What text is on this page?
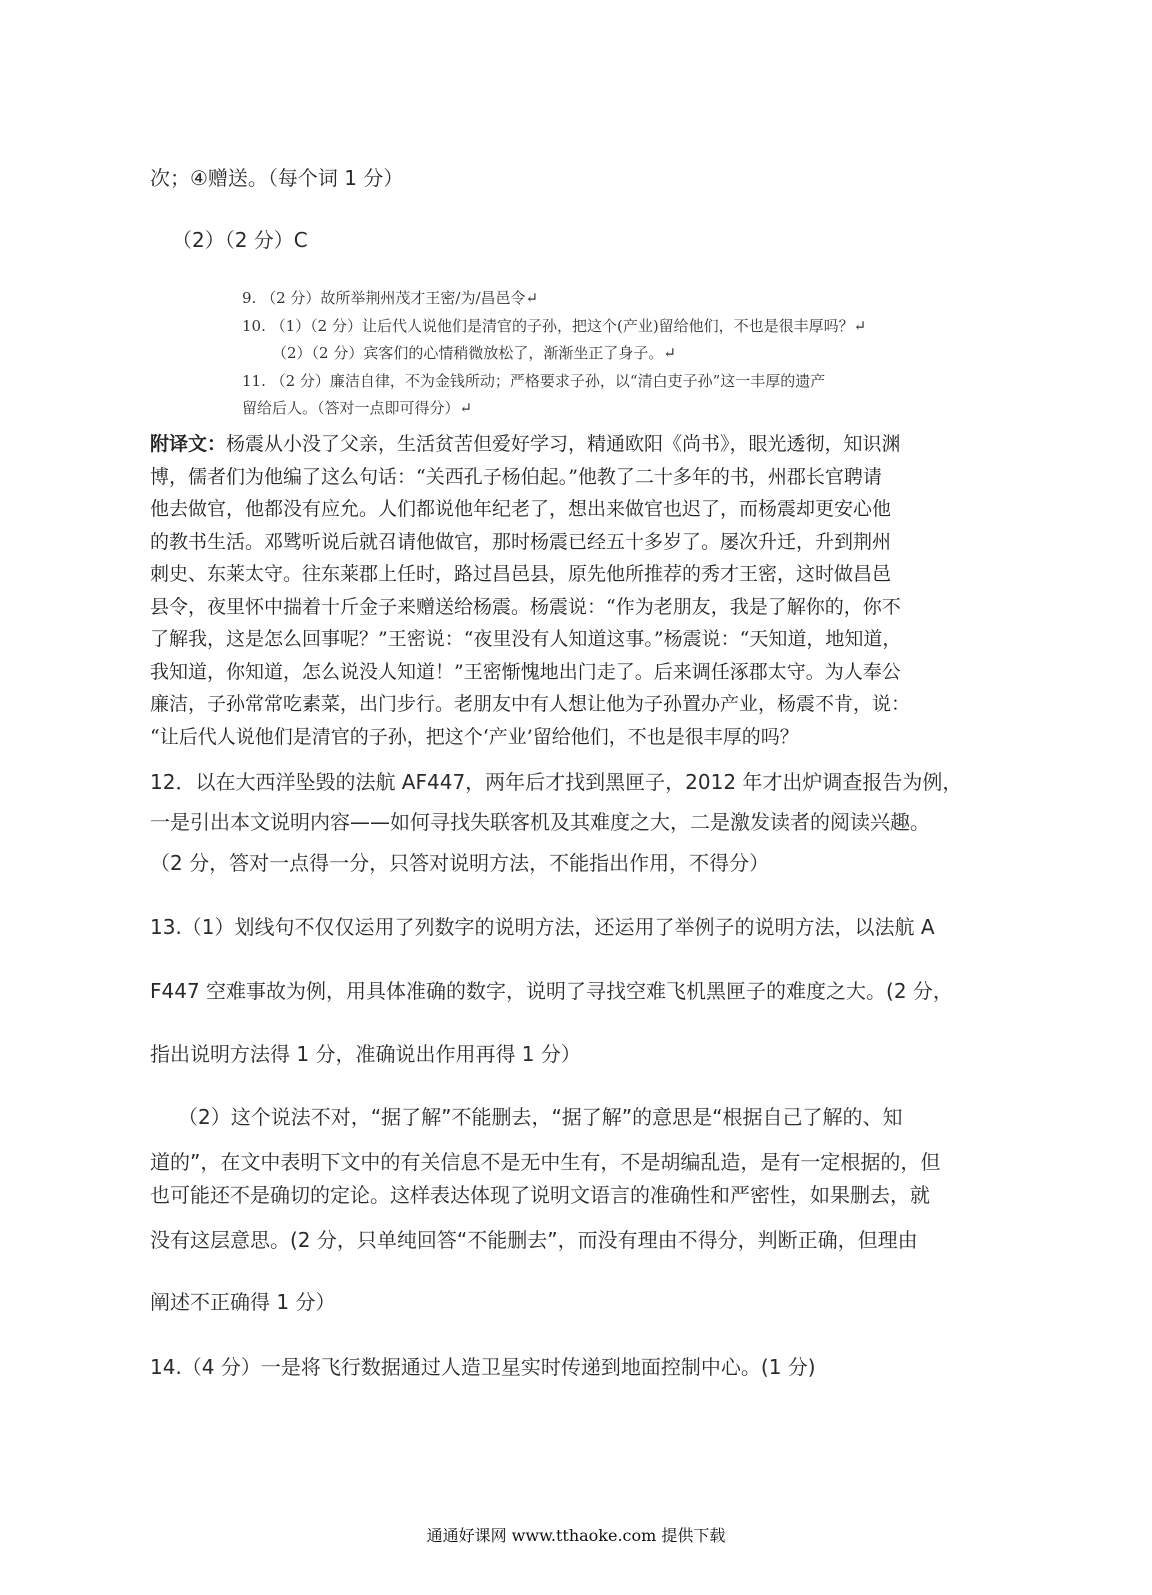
次；④赠送。（每个词 1 分）
（2）（2 分）C
9. （2 分）故所举荆州茂才王密/为/昌邑令↵
10. （1）（2 分）让后代人说他们是清官的子孙，把这个(产业)留给他们，不也是很丰厚吗？↵
（2）（2 分）宾客们的心情稍微放松了，渐渐坐正了身子。↵
11. （2 分）廉洁自律，不为金钱所动；严格要求子孙，以“清白吏子孙”这一丰厚的遗产
留给后人。（答对一点即可得分）↵
附译文：杨震从小没了父亲，生活贫苦但爱好学习，精通欧阳《尚书》，眼光透彻，知识渊
博，儒者们为他编了这么句话：“关西孔子杨伯起。”他教了二十多年的书，州郡长官聘请
他去做官，他都没有应允。人们都说他年纪老了，想出来做官也迟了，而杨震却更安心他
的教书生活。邓骘听说后就召请他做官，那时杨震已经五十多岁了。屡次升迁，升到荆州
刺史、东莱太守。往东莱郡上任时，路过昌邑县，原先他所推荐的秀才王密，这时做昌邑
县令，夜里怀中揣着十斤金子来赠送给杨震。杨震说：“作为老朋友，我是了解你的，你不
了解我，这是怎么回事呢？”王密说：“夜里没有人知道这事。”杨震说：“天知道，地知道，
我知道，你知道，怎么说没人知道！”王密惭愧地出门走了。后来调任涿郡太守。为人奉公
廉洁，子孙常常吃素菜，出门步行。老朋友中有人想让他为子孙置办产业，杨震不肯，说：
“让后代人说他们是清官的子孙，把这个‘产业’留给他们，不也是很丰厚的吗？
12．以在大西洋坠毁的法航 AF447，两年后才找到黑匣子，2012 年才出炉调查报告为例，
一是引出本文说明内容——如何寻找失联客机及其难度之大，二是激发读者的阅读兴趣。
（2 分，答对一点得一分，只答对说明方法，不能指出作用，不得分）
13.（1）划线句不仅仅运用了列数字的说明方法，还运用了举例子的说明方法，以法航 A
F447 空难事故为例，用具体准确的数字，说明了寻找空难飞机黑匣子的难度之大。(2 分，
指出说明方法得 1 分，准确说出作用再得 1 分）
（2）这个说法不对，“据了解”不能删去，“据了解”的意思是“根据自己了解的、知
道的”，在文中表明下文中的有关信息不是无中生有，不是胡编乱造，是有一定根据的，但
也可能还不是确切的定论。这样表达体现了说明文语言的准确性和严密性，如果删去，就
没有这层意思。(2 分，只单纯回答“不能删去”，而没有理由不得分，判断正确，但理由
阐述不正确得 1 分）
14.（4 分）一是将飞行数据通过人造卫星实时传递到地面控制中心。(1 分)
通通好课网 www.tthaoke.com 提供下载
